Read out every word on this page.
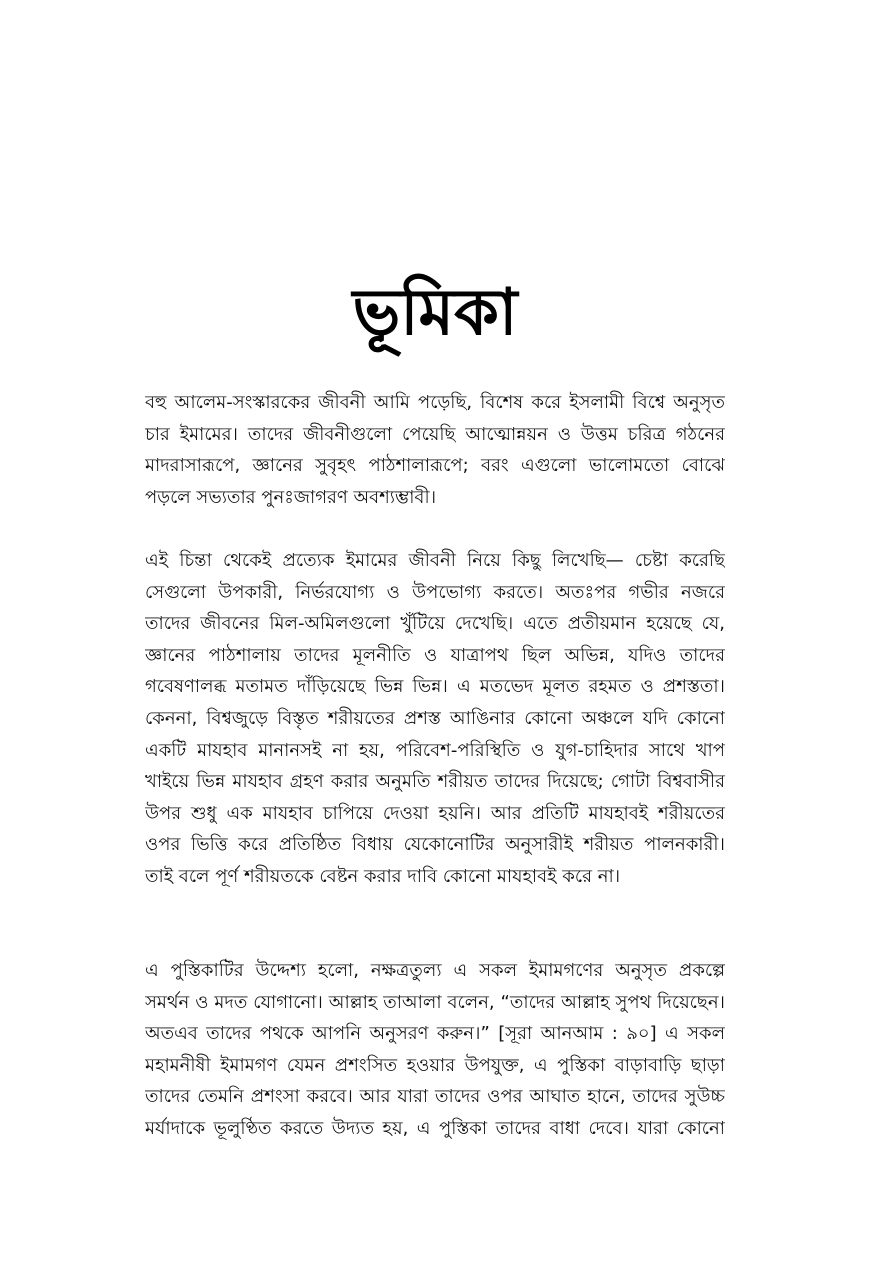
ভূমিকা
বহু আলেম-সংস্কারকের জীবনী আমি পড়েছি, বিশেষ করে ইসলামী বিশ্বে অনুসৃত
চার ইমামের। তাদের জীবনীগুলো পেয়েছি আত্মোন্নয়ন ও উত্তম চরিত্র গঠনের
মাদরাসারূপে, জ্ঞানের সুবৃহৎ পাঠশালারূপে; বরং এগুলো ভালোমতো বোঝে
পড়লে সভ্যতার পুনঃজাগরণ অবশ্যম্ভাবী।
এই চিন্তা থেকেই প্রত্যেক ইমামের জীবনী নিয়ে কিছু লিখেছি— চেষ্টা করেছি
সেগুলো উপকারী, নির্ভরযোগ্য ও উপভোগ্য করতে। অতঃপর গভীর নজরে
তাদের জীবনের মিল-অমিলগুলো খুঁটিয়ে দেখেছি। এতে প্রতীয়মান হয়েছে যে,
জ্ঞানের পাঠশালায় তাদের মূলনীতি ও যাত্রাপথ ছিল অভিন্ন, যদিও তাদের
গবেষণালব্ধ মতামত দাঁড়িয়েছে ভিন্ন ভিন্ন। এ মতভেদ মূলত রহমত ও প্রশস্ততা।
কেননা, বিশ্বজুড়ে বিস্তৃত শরীয়তের প্রশস্ত আঙিনার কোনো অঞ্চলে যদি কোনো
একটি মাযহাব মানানসই না হয়, পরিবেশ-পরিস্থিতি ও যুগ-চাহিদার সাথে খাপ
খাইয়ে ভিন্ন মাযহাব গ্রহণ করার অনুমতি শরীয়ত তাদের দিয়েছে; গোটা বিশ্ববাসীর
উপর শুধু এক মাযহাব চাপিয়ে দেওয়া হয়নি। আর প্রতিটি মাযহাবই শরীয়তের
ওপর ভিত্তি করে প্রতিষ্ঠিত বিধায় যেকোনোটির অনুসারীই শরীয়ত পালনকারী।
তাই বলে পূর্ণ শরীয়তকে বেষ্টন করার দাবি কোনো মাযহাবই করে না।
এ পুস্তিকাটির উদ্দেশ্য হলো, নক্ষত্রতুল্য এ সকল ইমামগণের অনুসৃত প্রকল্পে
সমর্থন ও মদত যোগানো। আল্লাহ তাআলা বলেন, “তাদের আল্লাহ সুপথ দিয়েছেন।
অতএব তাদের পথকে আপনি অনুসরণ করুন।” [সূরা আনআম : ৯০] এ সকল
মহামনীষী ইমামগণ যেমন প্রশংসিত হওয়ার উপযুক্ত, এ পুস্তিকা বাড়াবাড়ি ছাড়া
তাদের তেমনি প্রশংসা করবে। আর যারা তাদের ওপর আঘাত হানে, তাদের সুউচ্চ
মর্যাদাকে ভূলুণ্ঠিত করতে উদ্যত হয়, এ পুস্তিকা তাদের বাধা দেবে। যারা কোনো
